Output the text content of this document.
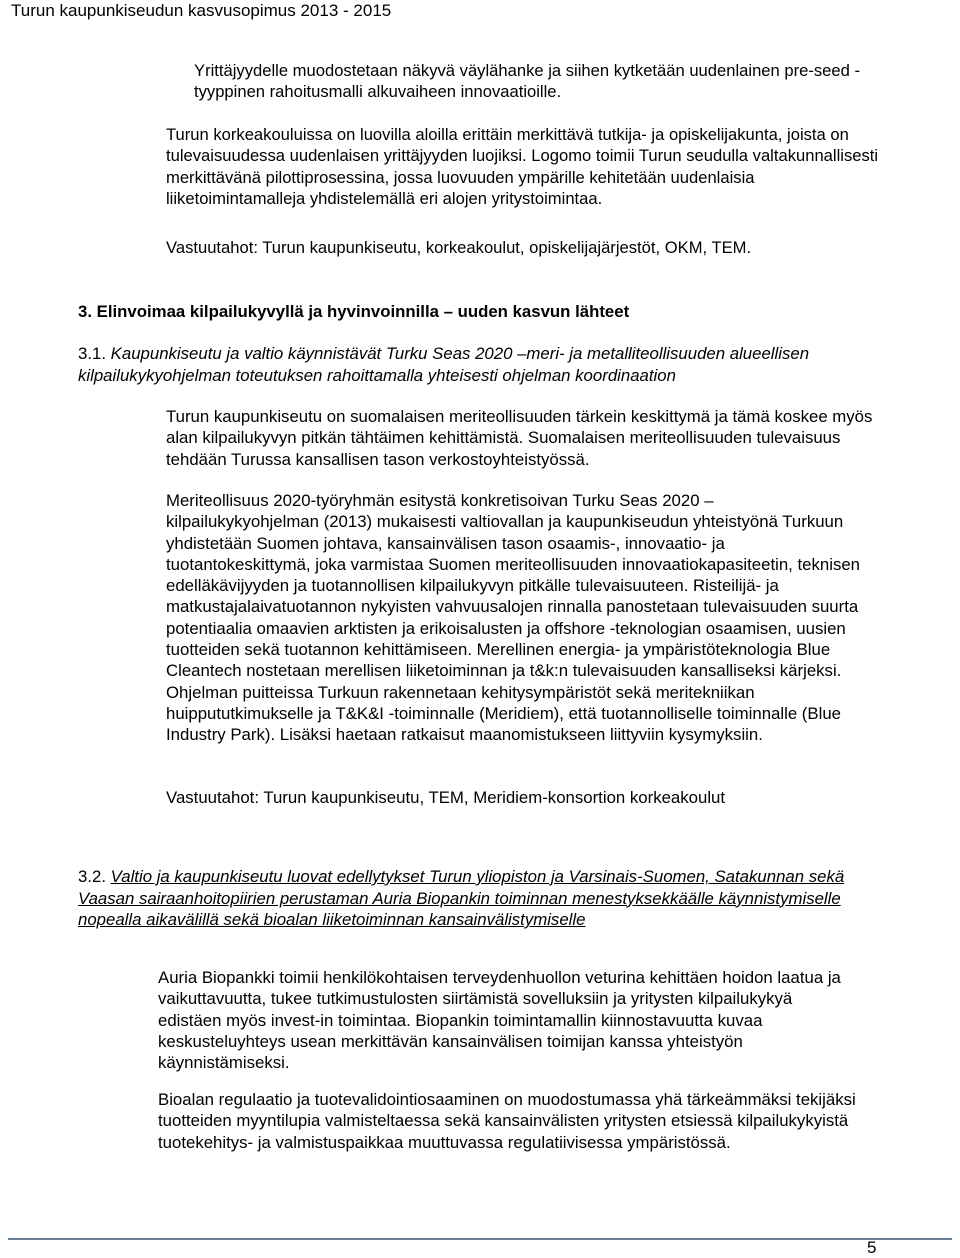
Turun kaupunkiseudun kasvusopimus 2013 - 2015
Yrittäjyydelle muodostetaan näkyvä väylähanke ja siihen kytketään uudenlainen pre-seed -tyyppinen rahoitusmalli alkuvaiheen innovaatioille.
Turun korkeakouluissa on luovilla aloilla erittäin merkittävä tutkija- ja opiskelijakunta, joista on tulevaisuudessa uudenlaisen yrittäjyyden luojiksi. Logomo toimii Turun seudulla valtakunnallisesti merkittävänä pilottiprosessina, jossa luovuuden ympärille kehitetään uudenlaisia liiketoimintamalleja yhdistelemällä eri alojen yritystoimintaa.
Vastuutahot: Turun kaupunkiseutu, korkeakoulut, opiskelijajärjestöt, OKM, TEM.
3. Elinvoimaa kilpailukyvyllä ja hyvinvoinnilla – uuden kasvun lähteet
3.1. Kaupunkiseutu ja valtio käynnistävät Turku Seas 2020 –meri- ja metalliteollisuuden alueellisen kilpailukykyohjelman toteutuksen rahoittamalla yhteisesti ohjelman koordinaation
Turun kaupunkiseutu on suomalaisen meriteollisuuden tärkein keskittymä ja tämä koskee myös alan kilpailukyvyn pitkän tähtäimen kehittämistä. Suomalaisen meriteollisuuden tulevaisuus tehdään Turussa kansallisen tason verkostoyhteistyössä.
Meriteollisuus 2020-työryhmän esitystä konkretisoivan Turku Seas 2020 – kilpailukykyohjelman (2013) mukaisesti valtiovallan ja kaupunkiseudun yhteistyönä Turkuun yhdistetään Suomen johtava, kansainvälisen tason osaamis-, innovaatio- ja tuotantokeskittymä, joka varmistaa Suomen meriteollisuuden innovaatiokapasiteetin, teknisen edelläkävijyyden ja tuotannollisen kilpailukyvyn pitkälle tulevaisuuteen. Risteilijä- ja matkustajalaivatuotannon nykyisten vahvuusalojen rinnalla panostetaan tulevaisuuden suurta potentiaalia omaavien arktisten ja erikoisalusten ja offshore -teknologian osaamisen, uusien tuotteiden sekä tuotannon kehittämiseen. Merellinen energia- ja ympäristöteknologia Blue Cleantech nostetaan merellisen liiketoiminnan ja t&k:n tulevaisuuden kansalliseksi kärjeksi. Ohjelman puitteissa Turkuun rakennetaan kehitysympäristöt sekä meritekniikan huippututkimukselle ja T&K&I -toiminnalle (Meridiem), että tuotannolliselle toiminnalle (Blue Industry Park). Lisäksi haetaan ratkaisut maanomistukseen liittyviin kysymyksiin.
Vastuutahot: Turun kaupunkiseutu, TEM, Meridiem-konsortion korkeakoulut
3.2. Valtio ja kaupunkiseutu luovat edellytykset Turun yliopiston ja Varsinais-Suomen, Satakunnan sekä Vaasan sairaanhoitopiirien perustaman Auria Biopankin toiminnan menestyksekkäälle käynnistymiselle nopealla aikavälillä sekä bioalan liiketoiminnan kansainvälistymiselle
Auria Biopankki toimii henkilökohtaisen terveydenhuollon veturina kehittäen hoidon laatua ja vaikuttavuutta, tukee tutkimustulosten siirtämistä sovelluksiin ja yritysten kilpailukykyä edistäen myös invest-in toimintaa. Biopankin toimintamallin kiinnostavuutta kuvaa keskusteluyhteys usean merkittävän kansainvälisen toimijan kanssa yhteistyön käynnistämiseksi.
Bioalan regulaatio ja tuotevalidointiosaaminen on muodostumassa yhä tärkeämmäksi tekijäksi tuotteiden myyntilupia valmisteltaessa sekä kansainvälisten yritysten etsiessä kilpailukykyistä tuotekehitys- ja valmistuspaikkaa muuttuvassa regulatiivisessa ympäristössä.
5
